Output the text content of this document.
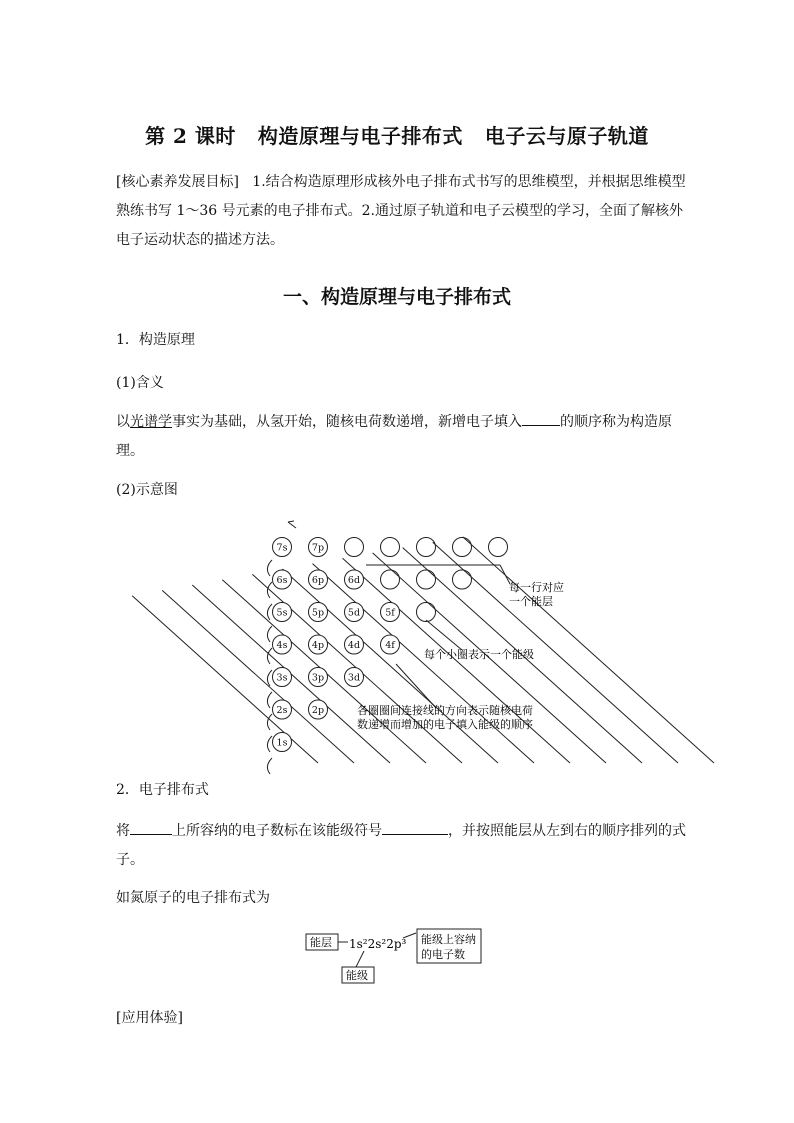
第 2 课时 构造原理与电子排布式 电子云与原子轨道
[核心素养发展目标] 1.结合构造原理形成核外电子排布式书写的思维模型，并根据思维模型熟练书写 1～36 号元素的电子排布式。2.通过原子轨道和电子云模型的学习，全面了解核外电子运动状态的描述方法。
一、构造原理与电子排布式
1．构造原理
(1)含义
以光谱学事实为基础，从氢开始，随核电荷数递增，新增电子填入	的顺序称为构造原理。
(2)示意图
7s	7p
6s	6p	6d
5s	5p	5d	5f
4s	4p	4d	4f
3s	3p	3d
2s	2p
1s
每一行对应
一个能层
每个小圈表示一个能级
各圈圈间连接线的方向表示随核电荷
数递增而增加的电子填入能级的顺序
2．电子排布式
将	上所容纳的电子数标在该能级符号	，并按照能层从左到右的顺序排列的式子。
如氮原子的电子排布式为
能层 1s²2s²2p³ 能级上容纳
的电子数
能级
[应用体验]
